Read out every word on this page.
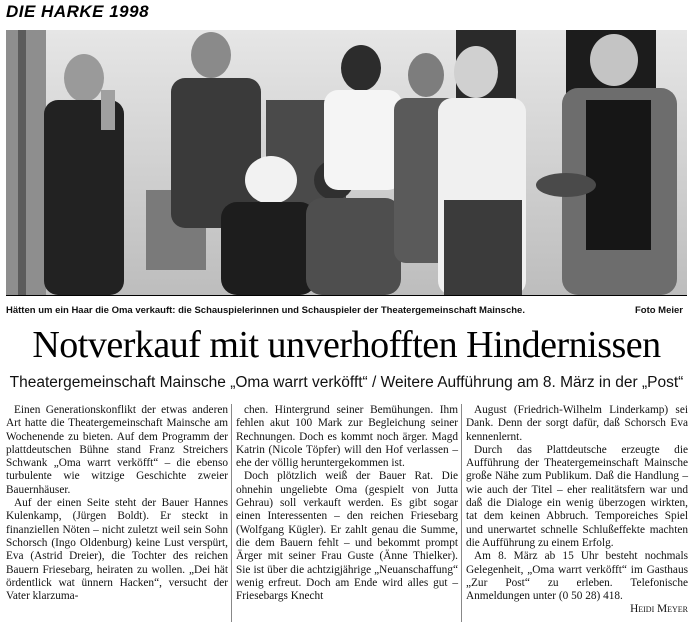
DIE HARKE 1998
Hätten um ein Haar die Oma verkauft: die Schauspielerinnen und Schauspieler der Theatergemeinschaft Mainsche.	Foto Meier
Notverkauf mit unverhofften Hindernissen
Theatergemeinschaft Mainsche „Oma warrt verköfft“ / Weitere Aufführung am 8. März in der „Post“

Einen Generationskonflikt der etwas anderen Art hatte die Theatergemeinschaft Mainsche am Wochenende zu bieten. Auf dem Programm der plattdeutschen Bühne stand Franz Streichers Schwank „Oma warrt verköfft“ – die ebenso turbulente wie witzige Geschichte zweier Bauernhäuser.

Auf der einen Seite steht der Bauer Hannes Kulenkamp, (Jürgen Boldt). Er steckt in finanziellen Nöten – nicht zuletzt weil sein Sohn Schorsch (Ingo Oldenburg) keine Lust verspürt, Eva (Astrid Dreier), die Tochter des reichen Bauern Friesebarg, heiraten zu wollen. „Dei hät ördentlick wat ünnern Hacken“, versucht der Vater klarzuma-

chen. Hintergrund seiner Bemühungen. Ihm fehlen akut 100 Mark zur Begleichung seiner Rechnungen. Doch es kommt noch ärger. Magd Katrin (Nicole Töpfer) will den Hof verlassen – ehe der völlig heruntergekommen ist.

Doch plötzlich weiß der Bauer Rat. Die ohnehin ungeliebte Oma (gespielt von Jutta Gehrau) soll verkauft werden. Es gibt sogar einen Interessenten – den reichen Friesebarg (Wolfgang Kügler). Er zahlt genau die Summe, die dem Bauern fehlt – und bekommt prompt Ärger mit seiner Frau Guste (Änne Thielker). Sie ist über die achtzigjährige „Neuanschaffung“ wenig erfreut. Doch am Ende wird alles gut – Friesebargs Knecht

August (Friedrich-Wilhelm Linderkamp) sei Dank. Denn der sorgt dafür, daß Schorsch Eva kennenlernt.

Durch das Plattdeutsche erzeugte die Aufführung der Theatergemeinschaft Mainsche große Nähe zum Publikum. Daß die Handlung – wie auch der Titel – eher realitätsfern war und daß die Dialoge ein wenig überzogen wirkten, tat dem keinen Abbruch. Temporeiches Spiel und unerwartet schnelle Schlußeffekte machten die Aufführung zu einem Erfolg.

Am 8. März ab 15 Uhr besteht nochmals Gelegenheit, „Oma warrt verköfft“ im Gasthaus „Zur Post“ zu erleben. Telefonische Anmeldungen unter (0 50 28) 418.

Heidi Meyer
